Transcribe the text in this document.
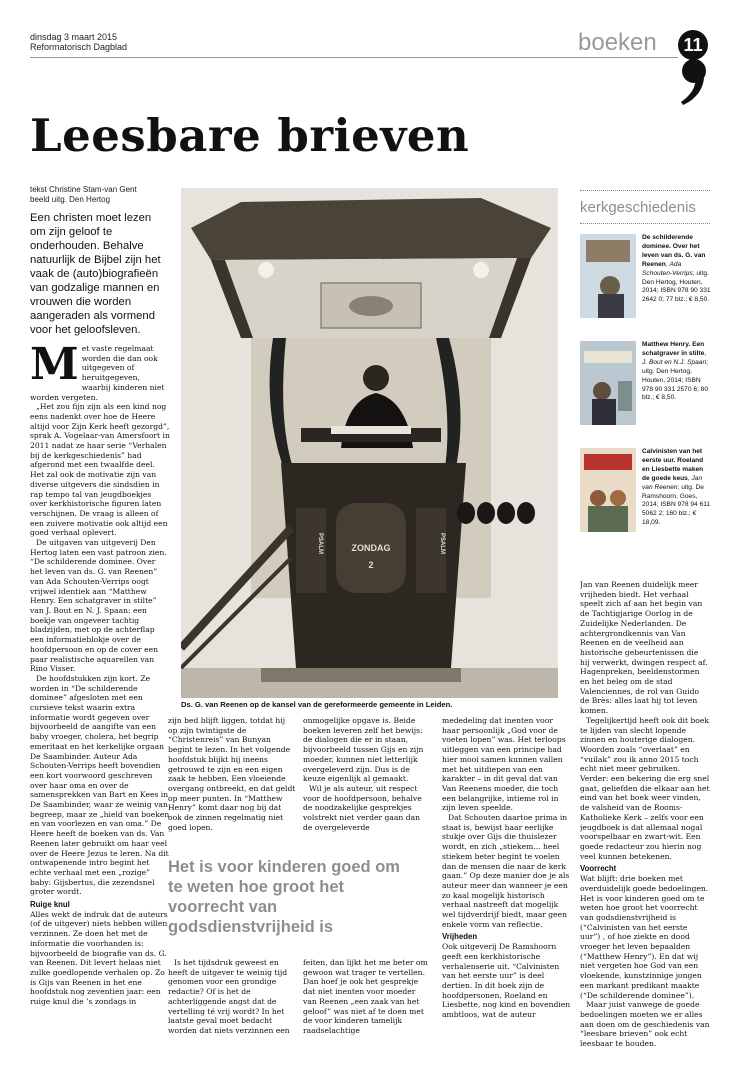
dinsdag 3 maart 2015
Reformatorisch Dagblad	boeken	11
Leesbare brieven
tekst Christine Stam-van Gent
beeld uitg. Den Hertog
Een christen moet lezen om zijn geloof te onderhouden. Behalve natuurlijk de Bijbel zijn het vaak de (auto)biografieën van godzalige mannen en vrouwen die worden aangeraden als vormend voor het geloofsleven.
M et vaste regelmaat worden die dan ook uitgegeven of heruitgegeven, waarbij kinderen niet worden vergeten.

„Het zou fijn zijn als een kind nog eens nadenkt over hoe de Heere altijd voor Zijn Kerk heeft gezorgd”, sprak A. Vogelaar-van Amersfoort in 2011 nadat ze haar serie “Verhalen bij de kerkgeschiedenis” had afgerond met een twaalfde deel. Het zal ook de motivatie zijn van diverse uitgevers die sindsdien in rap tempo tal van jeugdboekjes over kerkhistorische figuren laten verschijnen. De vraag is alleen of een zuivere motivatie ook altijd een goed verhaal oplevert.

De uitgaven van uitgeverij Den Hertog laten een vast patroon zien. “De schilderende dominee. Over het leven van ds. G. van Reenen” van Ada Schouten-Verrips oogt vrijwel identiek aan “Matthew Henry. Een schatgraver in stilte” van J. Bout en N. J. Spaan: een boekje van ongeveer tachtig bladzijden, met op de achterflap een informatieblokje over de hoofdpersoon en op de cover een paar realistische aquarellen van Rino Visser.

De hoofdstukken zijn kort. Ze worden in “De schilderende dominee” afgesloten met een cursieve tekst waarin extra informatie wordt gegeven over bijvoorbeeld de aangifte van een baby vroeger, cholera, het begrip emeritaat en het kerkelijke orgaan De Saambinder. Auteur Ada Schouten-Verrips heeft bovendien een kort voorwoord geschreven over haar oma en over de samensprekken van Bart en Kees in De Saambinder, waar ze weinig van begreep, maar ze „hield van boeken en van voorlezen en van oma.” De Heere heeft de boeken van ds. Van Reenen later gebruikt om haar veel over de Heere Jezus te leren. Na dit ontwapenende intro begint het echte verhaal met een „rozige” baby: Gijsbertus, die zezendsnel groter wordt.

Ruige knul

Alles wekt de indruk dat de auteurs (of de uitgever) niets hebben willen verzinnen. Ze doen het met de informatie die voorhanden is: bijvoorbeeld de biografie van ds. G. van Reenen. Dit levert helaas niet zulke goedlopende verhalen op. Zo is Gijs van Reenen in het ene hoofdstuk nog zeventien jaar: een ruige knul die ’s zondags in

PSALM	ZONDAG
2
PSALM
Ds. G. van Reenen op de kansel van de gereformeerde gemeente in Leiden.

zijn bed blijft liggen, totdat hij op zijn twintigste de “Christenreis” van Bunyan begint te lezen. In het volgende hoofdstuk blijkt hij ineens getrouwd te zijn en een eigen zaak te hebben. Een vloeiende overgang ontbreekt, en dat geldt op meer punten. In “Matthew Henry” komt daar nog bij dat ook de zinnen regelmatig niet goed lopen.

Het is voor kinderen goed om te weten hoe groot het voorrecht van godsdienstvrijheid is

Is het tijdsdruk geweest en heeft de uitgever te weinig tijd genomen voor een grondige redactie? Of is het de achterliggende angst dat de vertelling té vrij wordt? In het laatste geval moet bedacht worden dat niets verzinnen een

onmogelijke opgave is. Beide boeken leveren zelf het bewijs: de dialogen die er in staan, bijvoorbeeld tussen Gijs en zijn moeder, kunnen niet letterlijk overgeleverd zijn. Dus is de keuze eigenlijk al gemaakt.

Wil je als auteur, uit respect voor de hoofdpersoon, behalve de noodzakelijke gesprekjes volstrekt niet verder gaan dan de overgeleverde

feiten, dan lijkt het me beter om gewoon wat trager te vertellen. Dan hoef je ook het gesprekje dat niet inenten voor moeder van Reenen „een zaak van het geloof” was niet af te doen met de voor kinderen tamelijk raadselachtige

mededeling dat inenten voor haar persoonlijk „God voor de voeten lopen” was. Het terloops uitleggen van een principe had hier mooi samen kunnen vallen met het uitdiepen van een karakter – in dit geval dat van Van Reenens moeder, die toch een belangrijke, intieme rol in zijn leven speelde.

Dat Schouten daartoe prima in staat is, bewijst haar eerlijke stukje over Gijs die thuislezer wordt, en zich „stiekem... heel stiekem beter begint te voelen dan de mensen die naar de kerk gaan.” Op deze manier doe je als auteur meer dan wanneer je een zo kaal mogelijk historisch verhaal nastreeft dat mogelijk wel tijdverdrijf biedt, maar geen enkele vorm van reflectie.

Vrijheden

Ook uitgeverij De Ramshoorn geeft een kerkhistorische verhalenserie uit. “Calvinisten van het eerste uur” is deel dertien. In dit boek zijn de hoofdpersonen, Roeland en Liesbette, nog kind en bovendien ambtloos, wat de auteur

kerkgeschiedenis
De schilderende dominee. Over het leven van ds. G. van Reenen, Ada Schouten-Verrips; uitg. Den Hertog, Houten, 2014; ISBN 978 90 331 2642 0; 77 blz.; € 8,50.
Matthew Henry. Een schatgraver in stilte, J. Bout en N.J. Spaan; uitg. Den Hertog, Houten, 2014; ISBN 978 90 331 2570 6; 80 blz.; € 8,50.
Calvinisten van het eerste uur. Roeland en Liesbette maken de goede keus, Jan van Reenen; uitg. De Ramshoorn, Goes, 2014; ISBN 978 94 611 5062 2; 160 blz.; € 18,09.

Jan van Reenen duidelijk meer vrijheden biedt. Het verhaal speelt zich af aan het begin van de Tachtigjarige Oorlog in de Zuidelijke Nederlanden. De achtergrondkennis van Van Reenen en de veelheid aan historische gebeurtenissen die hij verwerkt, dwingen respect af. Hagenpreken, beeldenstormen en het beleg om de stad Valenciennes, de rol van Guido de Brès: alles laat hij tot leven komen.

Tegelijkertijd heeft ook dit boek te lijden van slecht lopende zinnen en houterige dialogen. Woorden zoals “overlaat” en “vuilak” zou ik anno 2015 toch echt niet meer gebruiken. Verder: een bekering die erg snel gaat, geliefden die elkaar aan het eind van het boek weer vinden, de valsheid van de Rooms-Katholieke Kerk – zelfs voor een jeugdboek is dat allemaal nogal voorspelbaar en zwart-wit. Een goede redacteur zou hierin nog veel kunnen betekenen.

Voorrecht

Wat blijft: drie boeken met overduidelijk goede bedoelingen. Het is voor kinderen goed om te weten hoe groot het voorrecht van godsdienstvrijheid is (“Calvinisten van het eerste uur”) , of hoe ziekte en dood vroeger het leven bepaalden (“Matthew Henry”). En dat wij niet vergeten hoe God van een vloekende, kunstzinnige jongen een markant predikant maakte (“De schilderende dominee”).

Maar juist vanwege de goede bedoelingen moeten we er alles aan doen om de geschiedenis van “leesbare brieven” ook echt leesbaar te houden.
